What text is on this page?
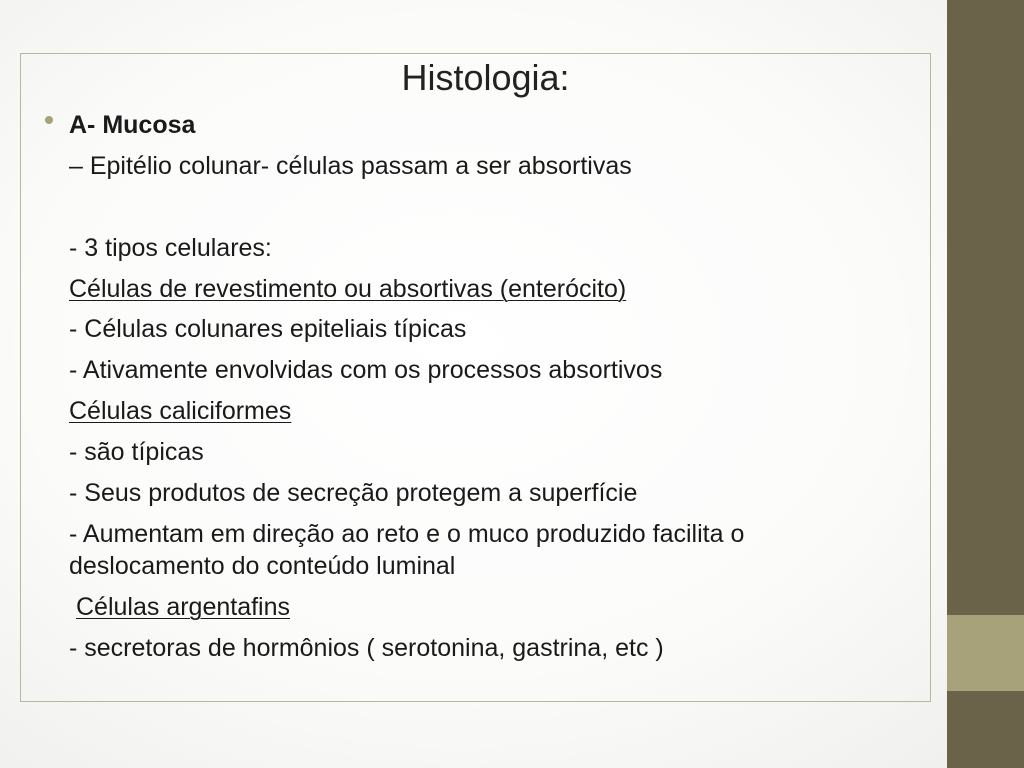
Histologia:
A- Mucosa
– Epitélio colunar- células passam a ser absortivas
- 3 tipos celulares:
Células de revestimento ou absortivas (enterócito)
- Células colunares epiteliais típicas
- Ativamente envolvidas com os processos absortivos
Células caliciformes
- são típicas
- Seus produtos de secreção protegem a superfície
- Aumentam em direção ao reto e o muco produzido facilita o
deslocamento do conteúdo luminal
Células argentafins
- secretoras de hormônios ( serotonina, gastrina, etc )
